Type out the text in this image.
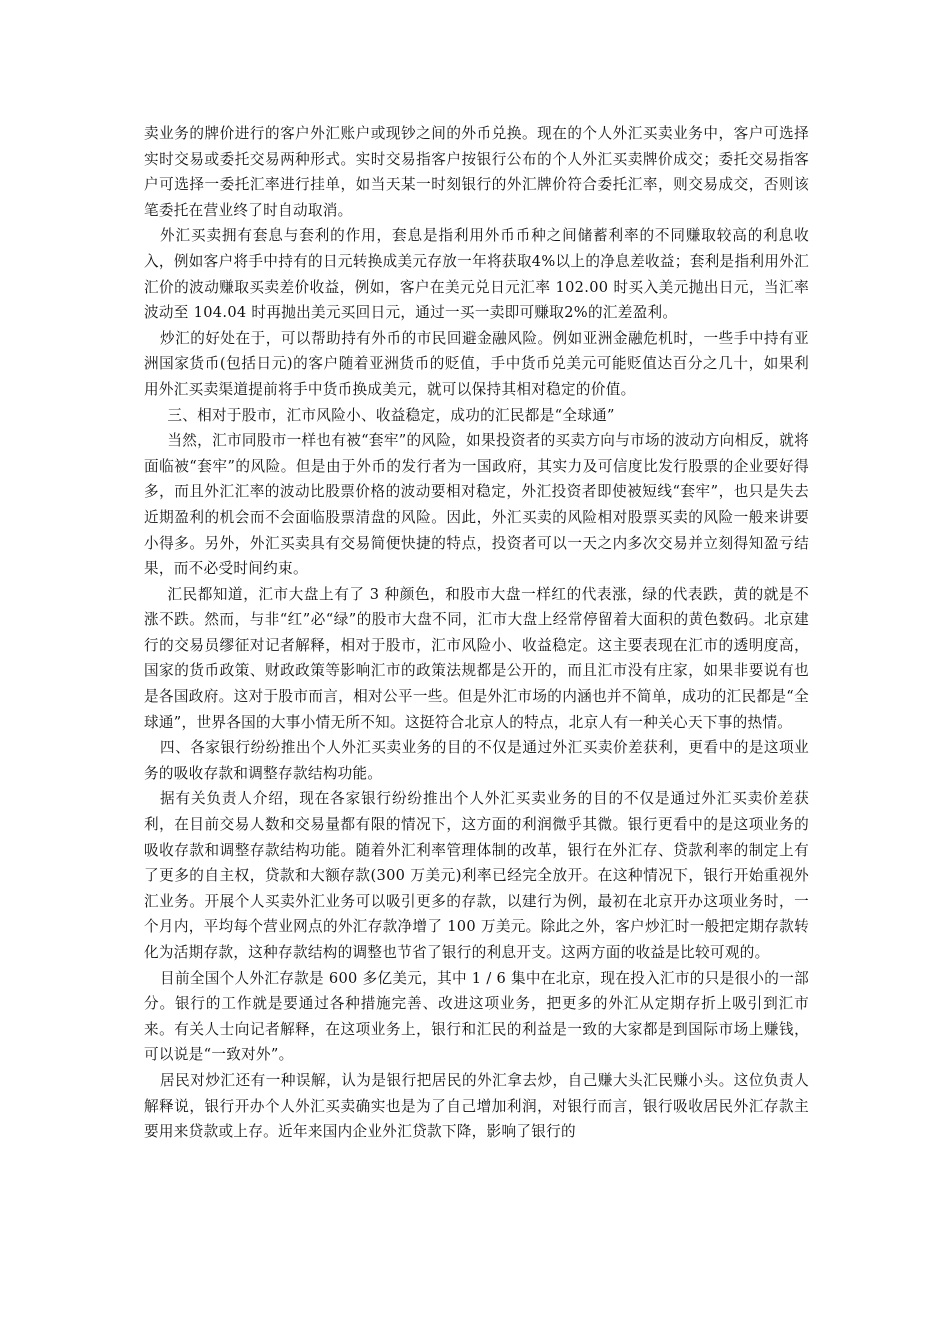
卖业务的牌价进行的客户外汇账户或现钞之间的外币兑换。现在的个人外汇买卖业务中，客户可选择实时交易或委托交易两种形式。实时交易指客户按银行公布的个人外汇买卖牌价成交；委托交易指客户可选择一委托汇率进行挂单，如当天某一时刻银行的外汇牌价符合委托汇率，则交易成交，否则该笔委托在营业终了时自动取消。

外汇买卖拥有套息与套利的作用，套息是指利用外币币种之间储蓄利率的不同赚取较高的利息收入，例如客户将手中持有的日元转换成美元存放一年将获取4%以上的净息差收益；套利是指利用外汇汇价的波动赚取买卖差价收益，例如，客户在美元兑日元汇率 102.00 时买入美元抛出日元，当汇率波动至 104.04 时再抛出美元买回日元，通过一买一卖即可赚取2%的汇差盈利。

炒汇的好处在于，可以帮助持有外币的市民回避金融风险。例如亚洲金融危机时，一些手中持有亚洲国家货币(包括日元)的客户随着亚洲货币的贬值，手中货币兑美元可能贬值达百分之几十，如果利用外汇买卖渠道提前将手中货币换成美元，就可以保持其相对稳定的价值。

三、相对于股市，汇市风险小、收益稳定，成功的汇民都是“全球通”

当然，汇市同股市一样也有被“套牢”的风险，如果投资者的买卖方向与市场的波动方向相反，就将面临被“套牢”的风险。但是由于外币的发行者为一国政府，其实力及可信度比发行股票的企业要好得多，而且外汇汇率的波动比股票价格的波动要相对稳定，外汇投资者即使被短线“套牢”，也只是失去近期盈利的机会而不会面临股票清盘的风险。因此，外汇买卖的风险相对股票买卖的风险一般来讲要小得多。另外，外汇买卖具有交易简便快捷的特点，投资者可以一天之内多次交易并立刻得知盈亏结果，而不必受时间约束。

汇民都知道，汇市大盘上有了 3 种颜色，和股市大盘一样红的代表涨，绿的代表跌，黄的就是不涨不跌。然而，与非“红”必“绿”的股市大盘不同，汇市大盘上经常停留着大面积的黄色数码。北京建行的交易员缪征对记者解释，相对于股市，汇市风险小、收益稳定。这主要表现在汇市的透明度高，国家的货币政策、财政政策等影响汇市的政策法规都是公开的，而且汇市没有庄家，如果非要说有也是各国政府。这对于股市而言，相对公平一些。但是外汇市场的内涵也并不简单，成功的汇民都是“全球通”，世界各国的大事小情无所不知。这挺符合北京人的特点，北京人有一种关心天下事的热情。

四、各家银行纷纷推出个人外汇买卖业务的目的不仅是通过外汇买卖价差获利，更看中的是这项业务的吸收存款和调整存款结构功能。

据有关负责人介绍，现在各家银行纷纷推出个人外汇买卖业务的目的不仅是通过外汇买卖价差获利，在目前交易人数和交易量都有限的情况下，这方面的利润微乎其微。银行更看中的是这项业务的吸收存款和调整存款结构功能。随着外汇利率管理体制的改革，银行在外汇存、贷款利率的制定上有了更多的自主权，贷款和大额存款(300 万美元)利率已经完全放开。在这种情况下，银行开始重视外汇业务。开展个人买卖外汇业务可以吸引更多的存款，以建行为例，最初在北京开办这项业务时，一个月内，平均每个营业网点的外汇存款净增了 100 万美元。除此之外，客户炒汇时一般把定期存款转化为活期存款，这种存款结构的调整也节省了银行的利息开支。这两方面的收益是比较可观的。

目前全国个人外汇存款是 600 多亿美元，其中 1 / 6 集中在北京，现在投入汇市的只是很小的一部分。银行的工作就是要通过各种措施完善、改进这项业务，把更多的外汇从定期存折上吸引到汇市来。有关人士向记者解释，在这项业务上，银行和汇民的利益是一致的大家都是到国际市场上赚钱，可以说是“一致对外”。

居民对炒汇还有一种误解，认为是银行把居民的外汇拿去炒，自己赚大头汇民赚小头。这位负责人解释说，银行开办个人外汇买卖确实也是为了自己增加利润，对银行而言，银行吸收居民外汇存款主要用来贷款或上存。近年来国内企业外汇贷款下降，影响了银行的
